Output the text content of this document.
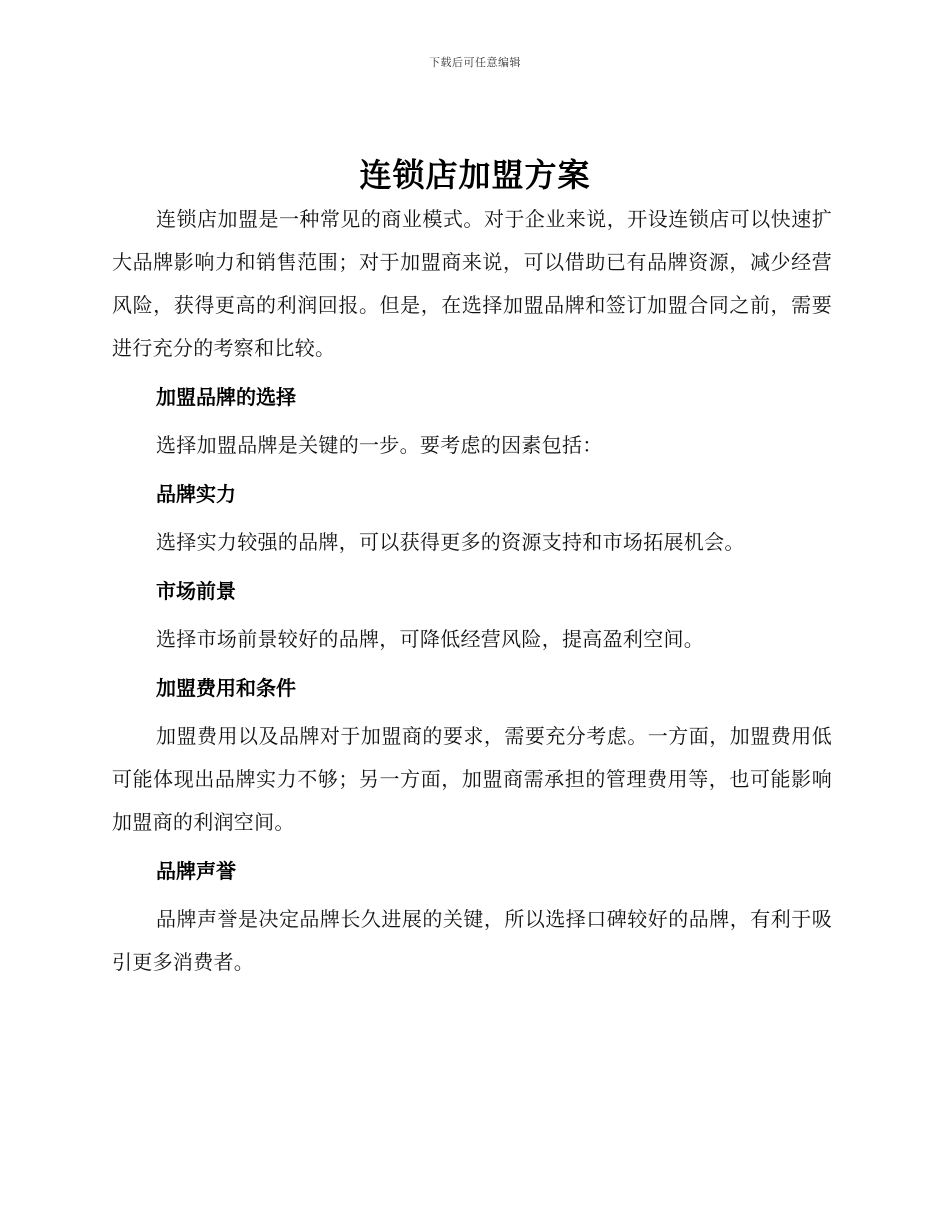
下载后可任意编辑
连锁店加盟方案

连锁店加盟是一种常见的商业模式。对于企业来说，开设连锁店可以快速扩大品牌影响力和销售范围；对于加盟商来说，可以借助已有品牌资源，减少经营风险，获得更高的利润回报。但是，在选择加盟品牌和签订加盟合同之前，需要进行充分的考察和比较。

加盟品牌的选择

选择加盟品牌是关键的一步。要考虑的因素包括：

品牌实力

选择实力较强的品牌，可以获得更多的资源支持和市场拓展机会。

市场前景

选择市场前景较好的品牌，可降低经营风险，提高盈利空间。

加盟费用和条件

加盟费用以及品牌对于加盟商的要求，需要充分考虑。一方面，加盟费用低可能体现出品牌实力不够；另一方面，加盟商需承担的管理费用等，也可能影响加盟商的利润空间。

品牌声誉

品牌声誉是决定品牌长久进展的关键，所以选择口碑较好的品牌，有利于吸引更多消费者。
